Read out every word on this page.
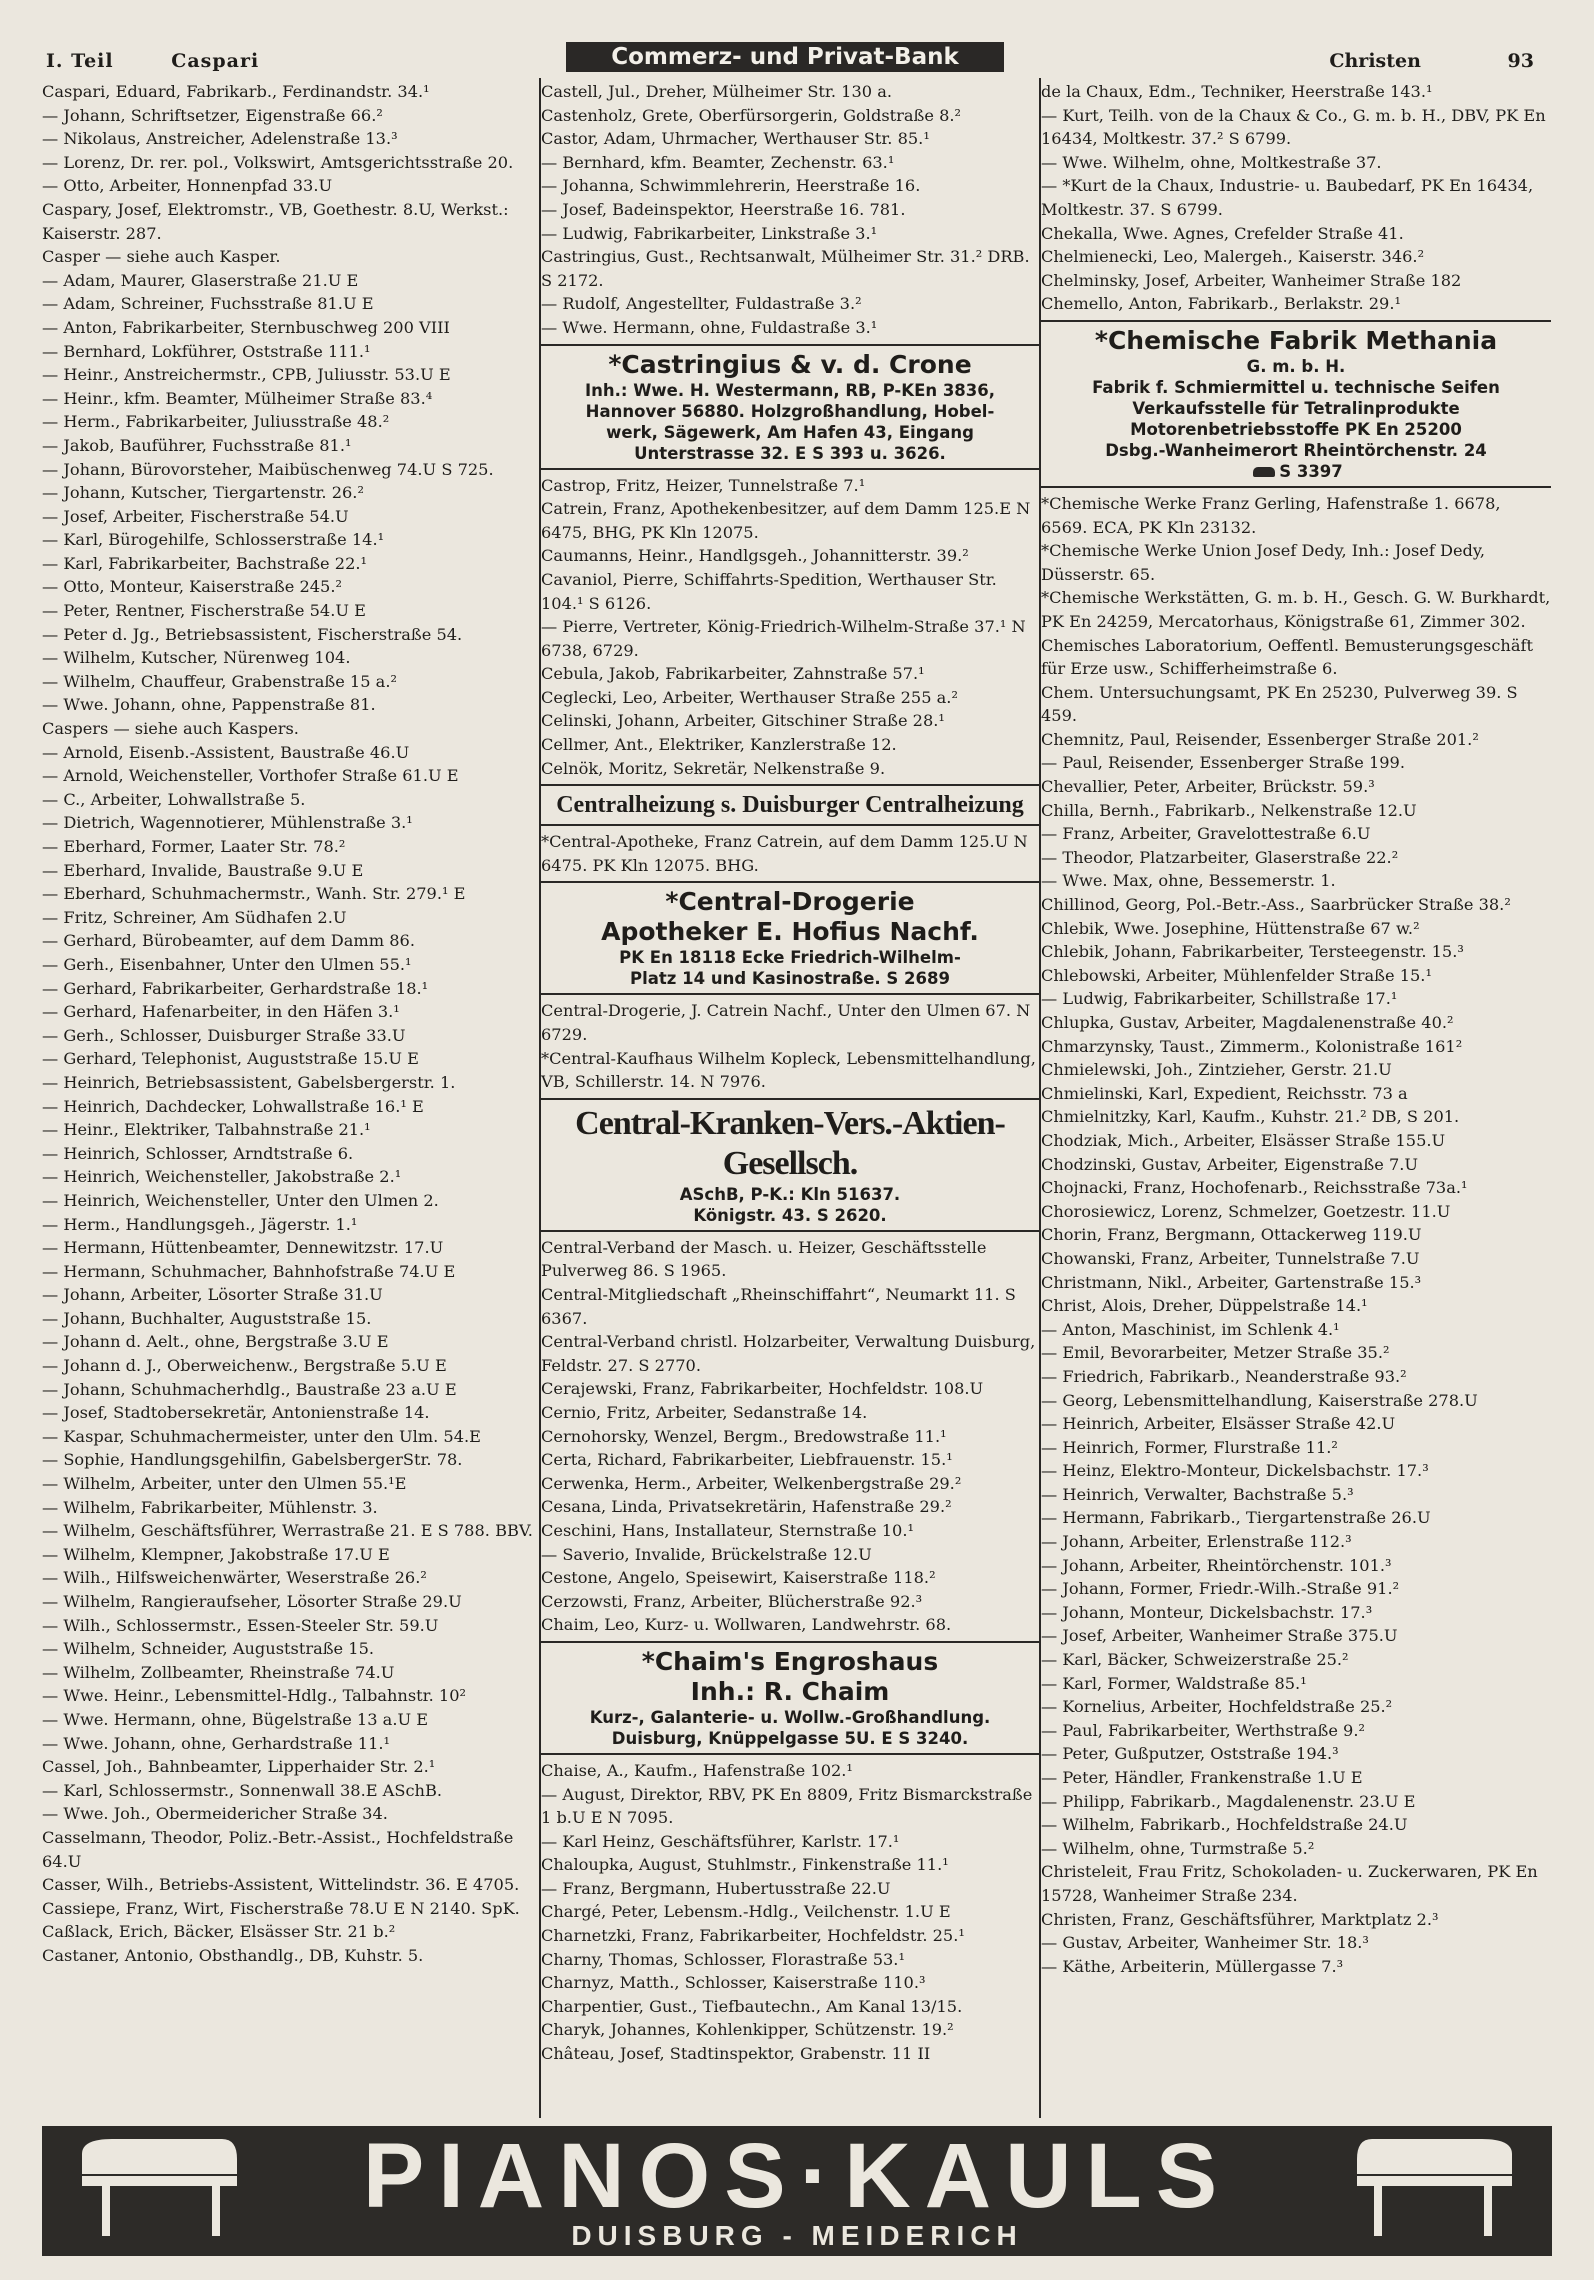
I. Teil	Caspari	Commerz- und Privat-Bank	Christen	93
Caspari, Eduard, Fabrikarb., Ferdinandstr. 34.¹
— Johann, Schriftsetzer, Eigenstraße 66.²
— Nikolaus, Anstreicher, Adelenstraße 13.³
— Lorenz, Dr. rer. pol., Volkswirt, Amtsgerichtsstraße 20.
— Otto, Arbeiter, Honnenpfad 33.U
Caspary, Josef, Elektromstr., VB, Goethestr. 8.U, Werkst.: Kaiserstr. 287.
Casper — siehe auch Kasper.
— Adam, Maurer, Glaserstraße 21.U E
— Adam, Schreiner, Fuchsstraße 81.U E
— Anton, Fabrikarbeiter, Sternbuschweg 200 VIII
— Bernhard, Lokführer, Oststraße 111.¹
— Heinr., Anstreichermstr., CPB, Juliusstr. 53.U E
— Heinr., kfm. Beamter, Mülheimer Straße 83.⁴
— Herm., Fabrikarbeiter, Juliusstraße 48.²
— Jakob, Bauführer, Fuchsstraße 81.¹
— Johann, Bürovorsteher, Maibüschenweg 74.U S 725.
— Johann, Kutscher, Tiergartenstr. 26.²
— Josef, Arbeiter, Fischerstraße 54.U
— Karl, Bürogehilfe, Schlosserstraße 14.¹
— Karl, Fabrikarbeiter, Bachstraße 22.¹
— Otto, Monteur, Kaiserstraße 245.²
— Peter, Rentner, Fischerstraße 54.U E
— Peter d. Jg., Betriebsassistent, Fischerstraße 54.
— Wilhelm, Kutscher, Nürenweg 104.
— Wilhelm, Chauffeur, Grabenstraße 15 a.²
— Wwe. Johann, ohne, Pappenstraße 81.
Caspers — siehe auch Kaspers.
— Arnold, Eisenb.-Assistent, Baustraße 46.U
— Arnold, Weichensteller, Vorthofer Straße 61.U E
— C., Arbeiter, Lohwallstraße 5.
— Dietrich, Wagennotierer, Mühlenstraße 3.¹
— Eberhard, Former, Laater Str. 78.²
— Eberhard, Invalide, Baustraße 9.U E
— Eberhard, Schuhmachermstr., Wanh. Str. 279.¹ E
— Fritz, Schreiner, Am Südhafen 2.U
— Gerhard, Bürobeamter, auf dem Damm 86.
— Gerh., Eisenbahner, Unter den Ulmen 55.¹
— Gerhard, Fabrikarbeiter, Gerhardstraße 18.¹
— Gerhard, Hafenarbeiter, in den Häfen 3.¹
— Gerh., Schlosser, Duisburger Straße 33.U
— Gerhard, Telephonist, Auguststraße 15.U E
— Heinrich, Betriebsassistent, Gabelsbergerstr. 1.
— Heinrich, Dachdecker, Lohwallstraße 16.¹ E
— Heinr., Elektriker, Talbahnstraße 21.¹
— Heinrich, Schlosser, Arndtstraße 6.
— Heinrich, Weichensteller, Jakobstraße 2.¹
— Heinrich, Weichensteller, Unter den Ulmen 2.
— Herm., Handlungsgeh., Jägerstr. 1.¹
— Hermann, Hüttenbeamter, Dennewitzstr. 17.U
— Hermann, Schuhmacher, Bahnhofstraße 74.U E
— Johann, Arbeiter, Lösorter Straße 31.U
— Johann, Buchhalter, Auguststraße 15.
— Johann d. Aelt., ohne, Bergstraße 3.U E
— Johann d. J., Oberweichenw., Bergstraße 5.U E
— Johann, Schuhmacherhdlg., Baustraße 23 a.U E
— Josef, Stadtobersekretär, Antonienstraße 14.
— Kaspar, Schuhmachermeister, unter den Ulm. 54.E
— Sophie, Handlungsgehilfin, GabelsbergerStr. 78.
— Wilhelm, Arbeiter, unter den Ulmen 55.¹E
— Wilhelm, Fabrikarbeiter, Mühlenstr. 3.
— Wilhelm, Geschäftsführer, Werrastraße 21. E S 788. BBV.
— Wilhelm, Klempner, Jakobstraße 17.U E
— Wilh., Hilfsweichenwärter, Weserstraße 26.²
— Wilhelm, Rangieraufseher, Lösorter Straße 29.U
— Wilh., Schlossermstr., Essen-Steeler Str. 59.U
— Wilhelm, Schneider, Auguststraße 15.
— Wilhelm, Zollbeamter, Rheinstraße 74.U
— Wwe. Heinr., Lebensmittel-Hdlg., Talbahnstr. 10²
— Wwe. Hermann, ohne, Bügelstraße 13 a.U E
— Wwe. Johann, ohne, Gerhardstraße 11.¹
Cassel, Joh., Bahnbeamter, Lipperhaider Str. 2.¹
— Karl, Schlossermstr., Sonnenwall 38.E ASchB.
— Wwe. Joh., Obermeidericher Straße 34.
Casselmann, Theodor, Poliz.-Betr.-Assist., Hochfeldstraße 64.U
Casser, Wilh., Betriebs-Assistent, Wittelindstr. 36. E 4705.
Cassiepe, Franz, Wirt, Fischerstraße 78.U E N 2140. SpK.
Caßlack, Erich, Bäcker, Elsässer Str. 21 b.²
Castaner, Antonio, Obsthandlg., DB, Kuhstr. 5.
Castell, Jul., Dreher, Mülheimer Str. 130 a.
Castenholz, Grete, Oberfürsorgerin, Goldstraße 8.²
Castor, Adam, Uhrmacher, Werthauser Str. 85.¹
— Bernhard, kfm. Beamter, Zechenstr. 63.¹
— Johanna, Schwimmlehrerin, Heerstraße 16.
— Josef, Badeinspektor, Heerstraße 16. 781.
— Ludwig, Fabrikarbeiter, Linkstraße 3.¹
Castringius, Gust., Rechtsanwalt, Mülheimer Str. 31.² DRB. S 2172.
— Rudolf, Angestellter, Fuldastraße 3.²
— Wwe. Hermann, ohne, Fuldastraße 3.¹
*Castringius & v. d. Crone
Inh.: Wwe. H. Westermann, RB, P-KEn 3836,
Hannover 56880. Holzgroßhandlung, Hobel-
werk, Sägewerk, Am Hafen 43, Eingang
Unterstrasse 32. E S 393 u. 3626.
Castrop, Fritz, Heizer, Tunnelstraße 7.¹
Catrein, Franz, Apothekenbesitzer, auf dem Damm 125.E N 6475, BHG, PK Kln 12075.
Caumanns, Heinr., Handlgsgeh., Johannitterstr. 39.²
Cavaniol, Pierre, Schiffahrts-Spedition, Werthauser Str. 104.¹ S 6126.
— Pierre, Vertreter, König-Friedrich-Wilhelm-Straße 37.¹ N 6738, 6729.
Cebula, Jakob, Fabrikarbeiter, Zahnstraße 57.¹
Ceglecki, Leo, Arbeiter, Werthauser Straße 255 a.²
Celinski, Johann, Arbeiter, Gitschiner Straße 28.¹
Cellmer, Ant., Elektriker, Kanzlerstraße 12.
Celnök, Moritz, Sekretär, Nelkenstraße 9.
Centralheizung s. Duisburger Centralheizung
*Central-Apotheke, Franz Catrein, auf dem Damm 125.U N 6475. PK Kln 12075. BHG.
*Central-Drogerie
Apotheker E. Hofius Nachf.
PK En 18118 Ecke Friedrich-Wilhelm-
Platz 14 und Kasinostraße. S 2689
Central-Drogerie, J. Catrein Nachf., Unter den Ulmen 67. N 6729.
*Central-Kaufhaus Wilhelm Kopleck, Lebensmittelhandlung, VB, Schillerstr. 14. N 7976.
Central-Kranken-Vers.-Aktien-Gesellsch.
ASchB, P-K.: Kln 51637.
Königstr. 43. S 2620.
Central-Verband der Masch. u. Heizer, Geschäftsstelle Pulverweg 86. S 1965.
Central-Mitgliedschaft „Rheinschiffahrt“, Neumarkt 11. S 6367.
Central-Verband christl. Holzarbeiter, Verwaltung Duisburg, Feldstr. 27. S 2770.
Cerajewski, Franz, Fabrikarbeiter, Hochfeldstr. 108.U
Cernio, Fritz, Arbeiter, Sedanstraße 14.
Cernohorsky, Wenzel, Bergm., Bredowstraße 11.¹
Certa, Richard, Fabrikarbeiter, Liebfrauenstr. 15.¹
Cerwenka, Herm., Arbeiter, Welkenbergstraße 29.²
Cesana, Linda, Privatsekretärin, Hafenstraße 29.²
Ceschini, Hans, Installateur, Sternstraße 10.¹
— Saverio, Invalide, Brückelstraße 12.U
Cestone, Angelo, Speisewirt, Kaiserstraße 118.²
Cerzowsti, Franz, Arbeiter, Blücherstraße 92.³
Chaim, Leo, Kurz- u. Wollwaren, Landwehrstr. 68.
*Chaim's Engroshaus
Inh.: R. Chaim
Kurz-, Galanterie- u. Wollw.-Großhandlung.
Duisburg, Knüppelgasse 5U. E S 3240.
Chaise, A., Kaufm., Hafenstraße 102.¹
— August, Direktor, RBV, PK En 8809, Fritz Bismarckstraße 1 b.U E N 7095.
— Karl Heinz, Geschäftsführer, Karlstr. 17.¹
Chaloupka, August, Stuhlmstr., Finkenstraße 11.¹
— Franz, Bergmann, Hubertusstraße 22.U
Chargé, Peter, Lebensm.-Hdlg., Veilchenstr. 1.U E
Charnetzki, Franz, Fabrikarbeiter, Hochfeldstr. 25.¹
Charny, Thomas, Schlosser, Florastraße 53.¹
Charnyz, Matth., Schlosser, Kaiserstraße 110.³
Charpentier, Gust., Tiefbautechn., Am Kanal 13/15.
Charyk, Johannes, Kohlenkipper, Schützenstr. 19.²
Château, Josef, Stadtinspektor, Grabenstr. 11 II
de la Chaux, Edm., Techniker, Heerstraße 143.¹
— Kurt, Teilh. von de la Chaux & Co., G. m. b. H., DBV, PK En 16434, Moltkestr. 37.² S 6799.
— Wwe. Wilhelm, ohne, Moltkestraße 37.
— *Kurt de la Chaux, Industrie- u. Baubedarf, PK En 16434, Moltkestr. 37. S 6799.
Chekalla, Wwe. Agnes, Crefelder Straße 41.
Chelmienecki, Leo, Malergeh., Kaiserstr. 346.²
Chelminsky, Josef, Arbeiter, Wanheimer Straße 182
Chemello, Anton, Fabrikarb., Berlakstr. 29.¹
*Chemische Fabrik Methania
G. m. b. H.
Fabrik f. Schmiermittel u. technische Seifen
Verkaufsstelle für Tetralinprodukte
Motorenbetriebsstoffe PK En 25200
Dsbg.-Wanheimerort Rheintörchenstr. 24
S 3397
*Chemische Werke Franz Gerling, Hafenstraße 1. 6678, 6569. ECA, PK Kln 23132.
*Chemische Werke Union Josef Dedy, Inh.: Josef Dedy, Düsserstr. 65.
*Chemische Werkstätten, G. m. b. H., Gesch. G. W. Burkhardt, PK En 24259, Mercatorhaus, Königstraße 61, Zimmer 302.
Chemisches Laboratorium, Oeffentl. Bemusterungsgeschäft für Erze usw., Schifferheimstraße 6.
Chem. Untersuchungsamt, PK En 25230, Pulverweg 39. S 459.
Chemnitz, Paul, Reisender, Essenberger Straße 201.²
— Paul, Reisender, Essenberger Straße 199.
Chevallier, Peter, Arbeiter, Brückstr. 59.³
Chilla, Bernh., Fabrikarb., Nelkenstraße 12.U
— Franz, Arbeiter, Gravelottestraße 6.U
— Theodor, Platzarbeiter, Glaserstraße 22.²
— Wwe. Max, ohne, Bessemerstr. 1.
Chillinod, Georg, Pol.-Betr.-Ass., Saarbrücker Straße 38.²
Chlebik, Wwe. Josephine, Hüttenstraße 67 w.²
Chlebik, Johann, Fabrikarbeiter, Tersteegenstr. 15.³
Chlebowski, Arbeiter, Mühlenfelder Straße 15.¹
— Ludwig, Fabrikarbeiter, Schillstraße 17.¹
Chlupka, Gustav, Arbeiter, Magdalenenstraße 40.²
Chmarzynsky, Taust., Zimmerm., Kolonistraße 161²
Chmielewski, Joh., Zintzieher, Gerstr. 21.U
Chmielinski, Karl, Expedient, Reichsstr. 73 a
Chmielnitzky, Karl, Kaufm., Kuhstr. 21.² DB, S 201.
Chodziak, Mich., Arbeiter, Elsässer Straße 155.U
Chodzinski, Gustav, Arbeiter, Eigenstraße 7.U
Chojnacki, Franz, Hochofenarb., Reichsstraße 73a.¹
Chorosiewicz, Lorenz, Schmelzer, Goetzestr. 11.U
Chorin, Franz, Bergmann, Ottackerweg 119.U
Chowanski, Franz, Arbeiter, Tunnelstraße 7.U
Christmann, Nikl., Arbeiter, Gartenstraße 15.³
Christ, Alois, Dreher, Düppelstraße 14.¹
— Anton, Maschinist, im Schlenk 4.¹
— Emil, Bevorarbeiter, Metzer Straße 35.²
— Friedrich, Fabrikarb., Neanderstraße 93.²
— Georg, Lebensmittelhandlung, Kaiserstraße 278.U
— Heinrich, Arbeiter, Elsässer Straße 42.U
— Heinrich, Former, Flurstraße 11.²
— Heinz, Elektro-Monteur, Dickelsbachstr. 17.³
— Heinrich, Verwalter, Bachstraße 5.³
— Hermann, Fabrikarb., Tiergartenstraße 26.U
— Johann, Arbeiter, Erlenstraße 112.³
— Johann, Arbeiter, Rheintörchenstr. 101.³
— Johann, Former, Friedr.-Wilh.-Straße 91.²
— Johann, Monteur, Dickelsbachstr. 17.³
— Josef, Arbeiter, Wanheimer Straße 375.U
— Karl, Bäcker, Schweizerstraße 25.²
— Karl, Former, Waldstraße 85.¹
— Kornelius, Arbeiter, Hochfeldstraße 25.²
— Paul, Fabrikarbeiter, Werthstraße 9.²
— Peter, Gußputzer, Oststraße 194.³
— Peter, Händler, Frankenstraße 1.U E
— Philipp, Fabrikarb., Magdalenenstr. 23.U E
— Wilhelm, Fabrikarb., Hochfeldstraße 24.U
— Wilhelm, ohne, Turmstraße 5.²
Christeleit, Frau Fritz, Schokoladen- u. Zuckerwaren, PK En 15728, Wanheimer Straße 234.
Christen, Franz, Geschäftsführer, Marktplatz 2.³
— Gustav, Arbeiter, Wanheimer Str. 18.³
— Käthe, Arbeiterin, Müllergasse 7.³
PIANOS·KAULS
DUISBURG - MEIDERICH
